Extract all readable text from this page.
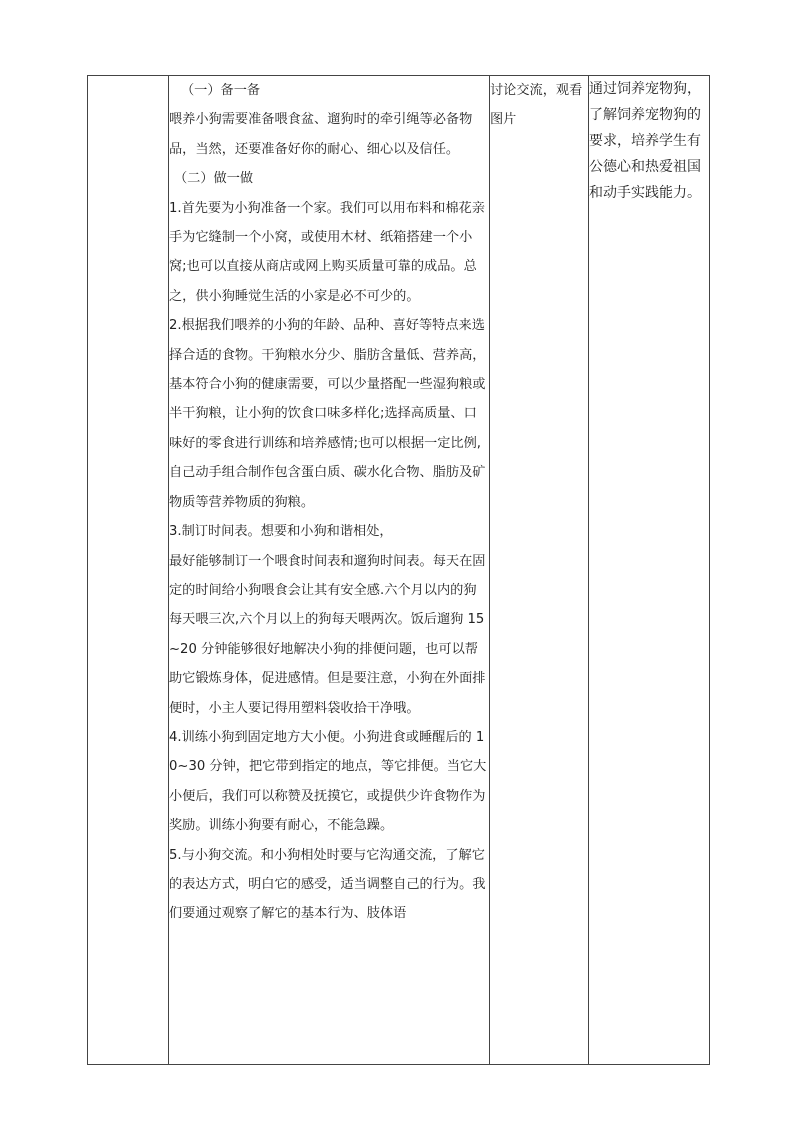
（一）备一备

喂养小狗需要准备喂食盆、遛狗时的牵引绳等必备物品，当然，还要准备好你的耐心、细心以及信任。

（二）做一做

1.首先要为小狗准备一个家。我们可以用布料和棉花亲手为它缝制一个小窝，或使用木材、纸箱搭建一个小窝;也可以直接从商店或网上购买质量可靠的成品。总之，供小狗睡觉生活的小家是必不可少的。

2.根据我们喂养的小狗的年龄、品种、喜好等特点来选择合适的食物。干狗粮水分少、脂肪含量低、营养高，基本符合小狗的健康需要，可以少量搭配一些湿狗粮或半干狗粮，让小狗的饮食口味多样化;选择高质量、口味好的零食进行训练和培养感情;也可以根据一定比例,自己动手组合制作包含蛋白质、碳水化合物、脂肪及矿物质等营养物质的狗粮。

3.制订时间表。想要和小狗和谐相处，

最好能够制订一个喂食时间表和遛狗时间表。每天在固定的时间给小狗喂食会让其有安全感.六个月以内的狗每天喂三次,六个月以上的狗每天喂两次。饭后遛狗 15~20 分钟能够很好地解决小狗的排便问题，也可以帮助它锻炼身体，促进感情。但是要注意，小狗在外面排便时，小主人要记得用塑料袋收拾干净哦。

4.训练小狗到固定地方大小便。小狗进食或睡醒后的 10~30 分钟，把它带到指定的地点，等它排便。当它大小便后，我们可以称赞及抚摸它，或提供少许食物作为奖励。训练小狗要有耐心，不能急躁。

5.与小狗交流。和小狗相处时要与它沟通交流，了解它的表达方式，明白它的感受，适当调整自己的行为。我们要通过观察了解它的基本行为、肢体语

	讨论交流，观看图片	通过饲养宠物狗，了解饲养宠物狗的要求，培养学生有公德心和热爱祖国和动手实践能力。
